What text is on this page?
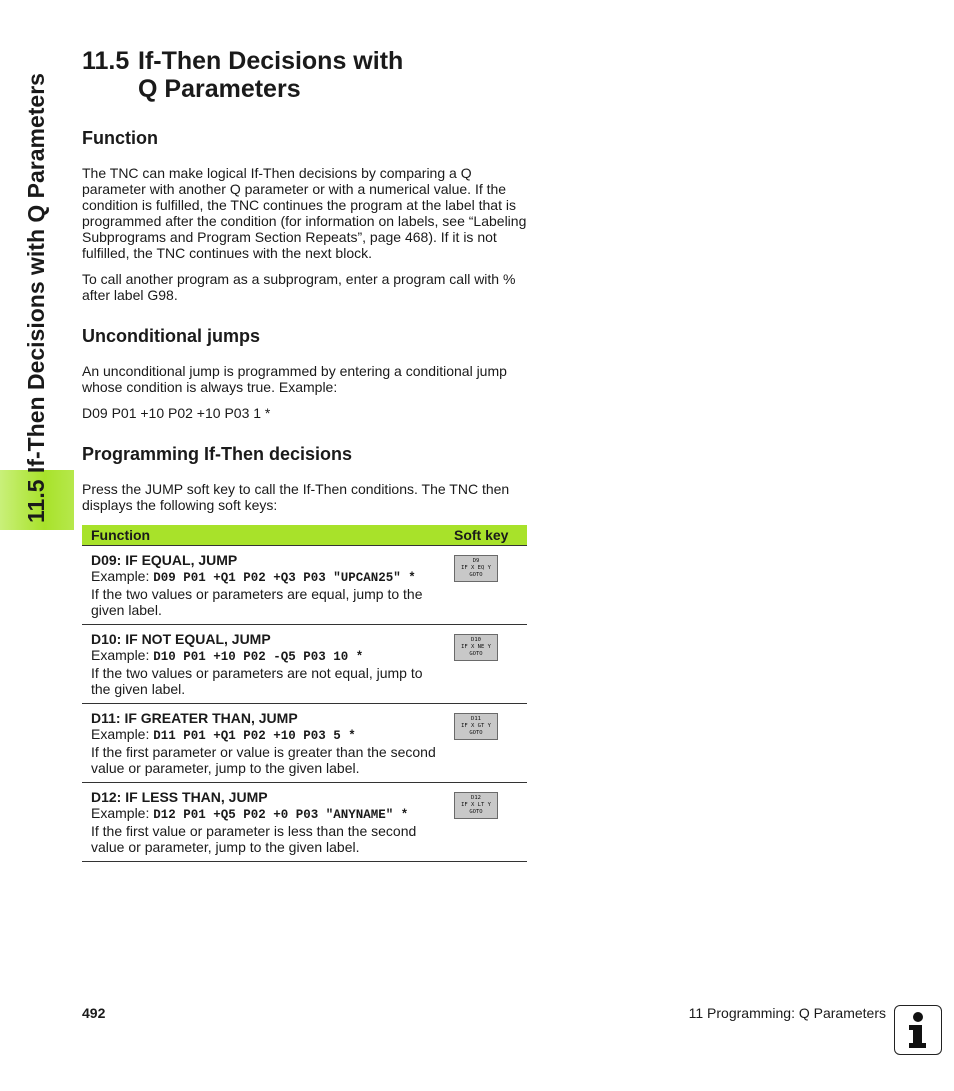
11.5 If-Then Decisions with Q Parameters
11.5 If-Then Decisions with
Q Parameters
Function

The TNC can make logical If-Then decisions by comparing a Q parameter with another Q parameter or with a numerical value. If the condition is fulfilled, the TNC continues the program at the label that is programmed after the condition (for information on labels, see “Labeling Subprograms and Program Section Repeats”, page 468). If it is not fulfilled, the TNC continues with the next block.

To call another program as a subprogram, enter a program call with % after label G98.

Unconditional jumps

An unconditional jump is programmed by entering a conditional jump whose condition is always true. Example:

D09 P01 +10 P02 +10 P03 1 *

Programming If-Then decisions

Press the JUMP soft key to call the If-Then conditions. The TNC then displays the following soft keys:

Function	Soft key
D09: IF EQUAL, JUMP
Example: D09 P01 +Q1 P02 +Q3 P03 "UPCAN25" *
If the two values or parameters are equal, jump to the given label.
D9
IF X EQ Y
GOTO
D10: IF NOT EQUAL, JUMP
Example: D10 P01 +10 P02 -Q5 P03 10 *
If the two values or parameters are not equal, jump to the given label.
D10
IF X NE Y
GOTO
D11: IF GREATER THAN, JUMP
Example: D11 P01 +Q1 P02 +10 P03 5 *
If the first parameter or value is greater than the second value or parameter, jump to the given label.
D11
IF X GT Y
GOTO
D12: IF LESS THAN, JUMP
Example: D12 P01 +Q5 P02 +0 P03 "ANYNAME" *
If the first value or parameter is less than the second value or parameter, jump to the given label.
D12
IF X LT Y
GOTO
492	11 Programming: Q Parameters
